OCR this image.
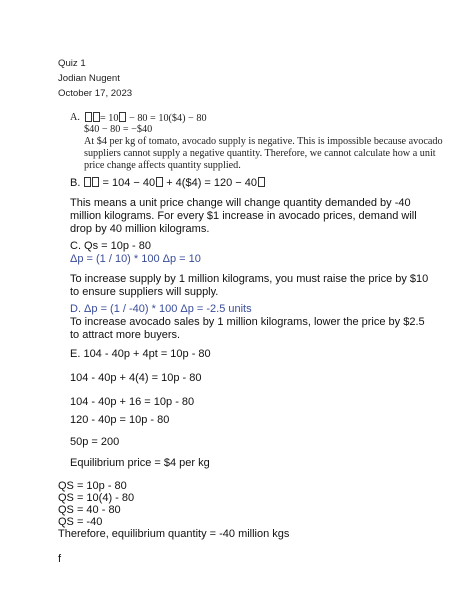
Quiz 1
Jodian Nugent
October 17, 2023
A.	= 10 − 80 = 10($4) − 80
$40 − 80 = −$40
At $4 per kg of tomato, avocado supply is negative. This is impossible because avocado
suppliers cannot supply a negative quantity. Therefore, we cannot calculate how a unit
price change affects quantity supplied.
B.  = 104 − 40 + 4($4) = 120 − 40
This means a unit price change will change quantity demanded by -40
million kilograms. For every $1 increase in avocado prices, demand will
drop by 40 million kilograms.
C. Qs = 10p - 80
Δp = (1 / 10) * 100 Δp = 10
To increase supply by 1 million kilograms, you must raise the price by $10
to ensure suppliers will supply.
D. Δp = (1 / -40) * 100 Δp = -2.5 units
To increase avocado sales by 1 million kilograms, lower the price by $2.5
to attract more buyers.
E. 104 - 40p + 4pt = 10p - 80
104 - 40p + 4(4) = 10p - 80
104 - 40p + 16 = 10p - 80
120 - 40p = 10p - 80
50p = 200
Equilibrium price = $4 per kg
QS = 10p - 80
QS = 10(4) - 80
QS = 40 - 80
QS = -40
Therefore, equilibrium quantity = -40 million kgs
f
